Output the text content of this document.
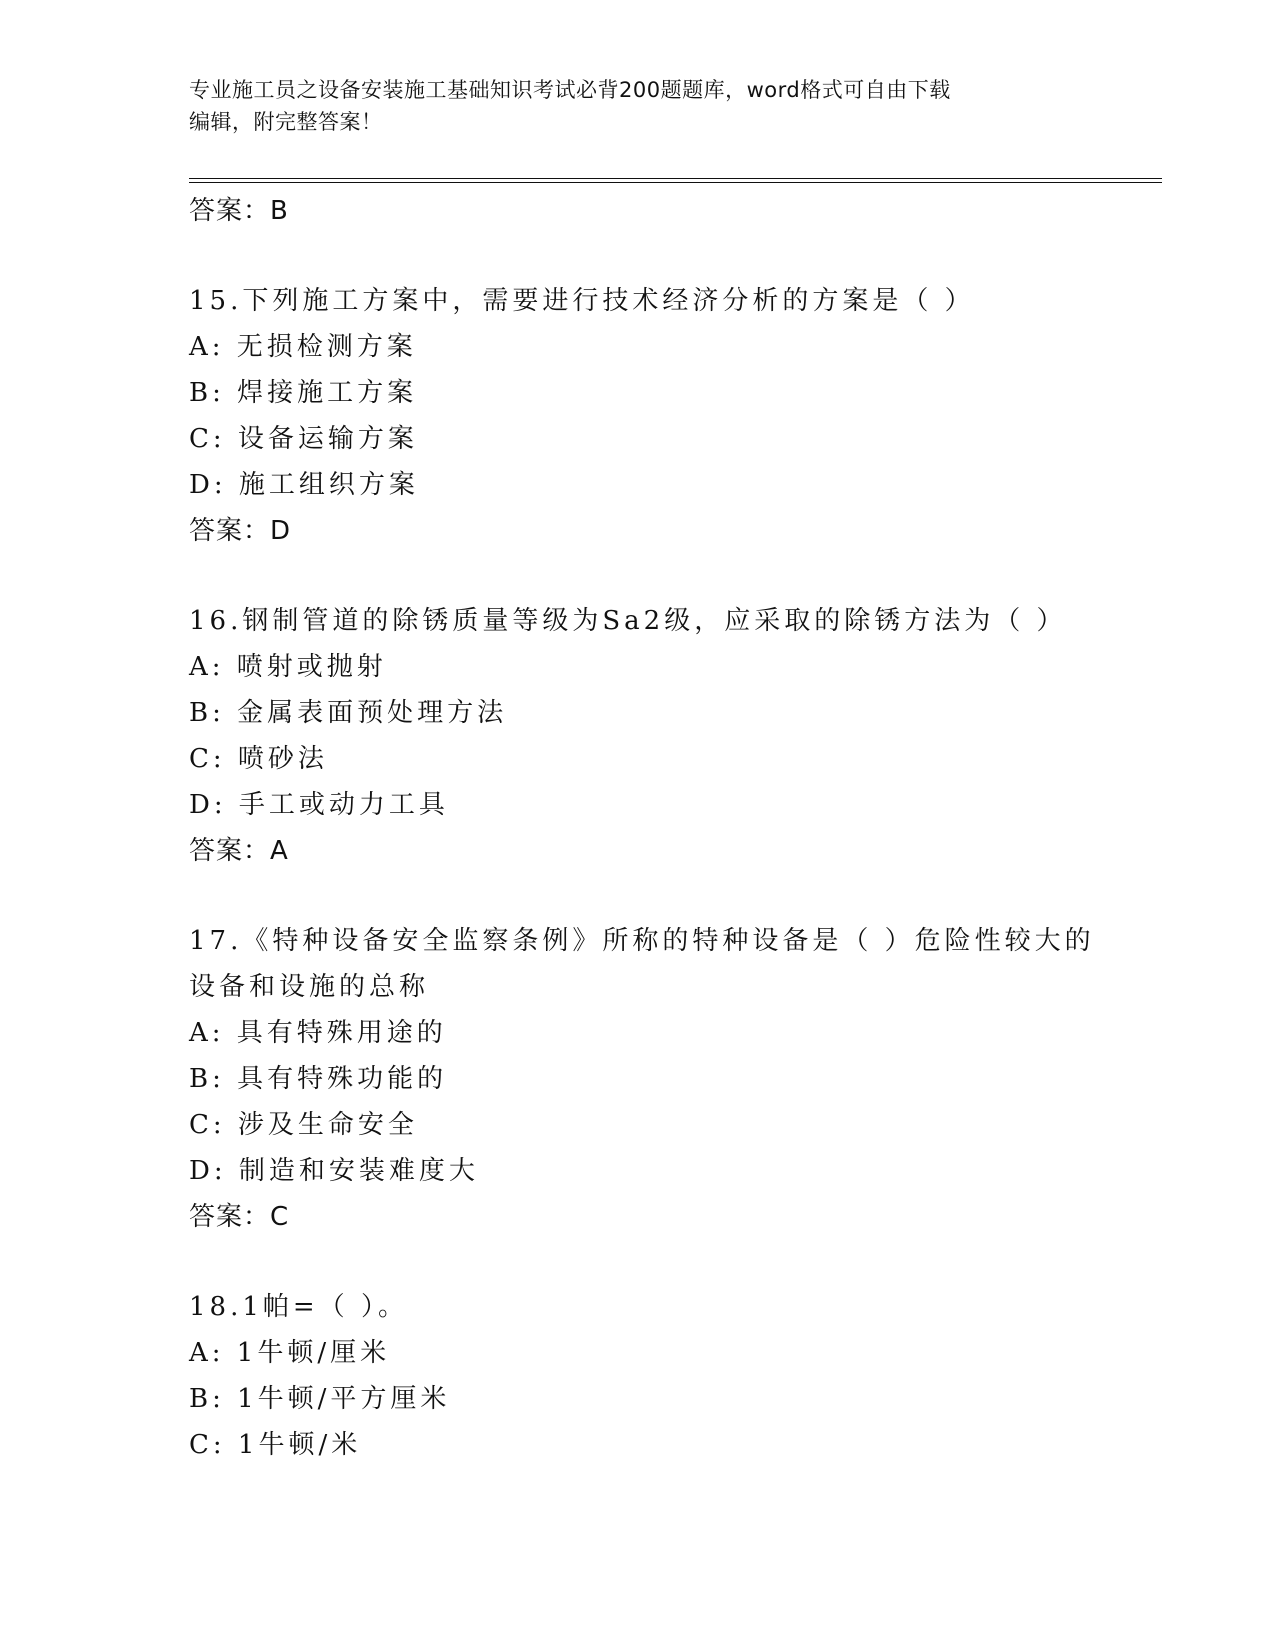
专业施工员之设备安装施工基础知识考试必背200题题库，word格式可自由下载
编辑，附完整答案！
答案：B
15.下列施工方案中，需要进行技术经济分析的方案是（ ）
A: 无损检测方案
B: 焊接施工方案
C: 设备运输方案
D: 施工组织方案
答案：D
16.钢制管道的除锈质量等级为Sa2级，应采取的除锈方法为（ ）
A: 喷射或抛射
B: 金属表面预处理方法
C: 喷砂法
D: 手工或动力工具
答案：A
17.《特种设备安全监察条例》所称的特种设备是（ ）危险性较大的
设备和设施的总称
A: 具有特殊用途的
B: 具有特殊功能的
C: 涉及生命安全
D: 制造和安装难度大
答案：C
18.1帕=（ ）。
A: 1牛顿/厘米
B: 1牛顿/平方厘米
C: 1牛顿/米
